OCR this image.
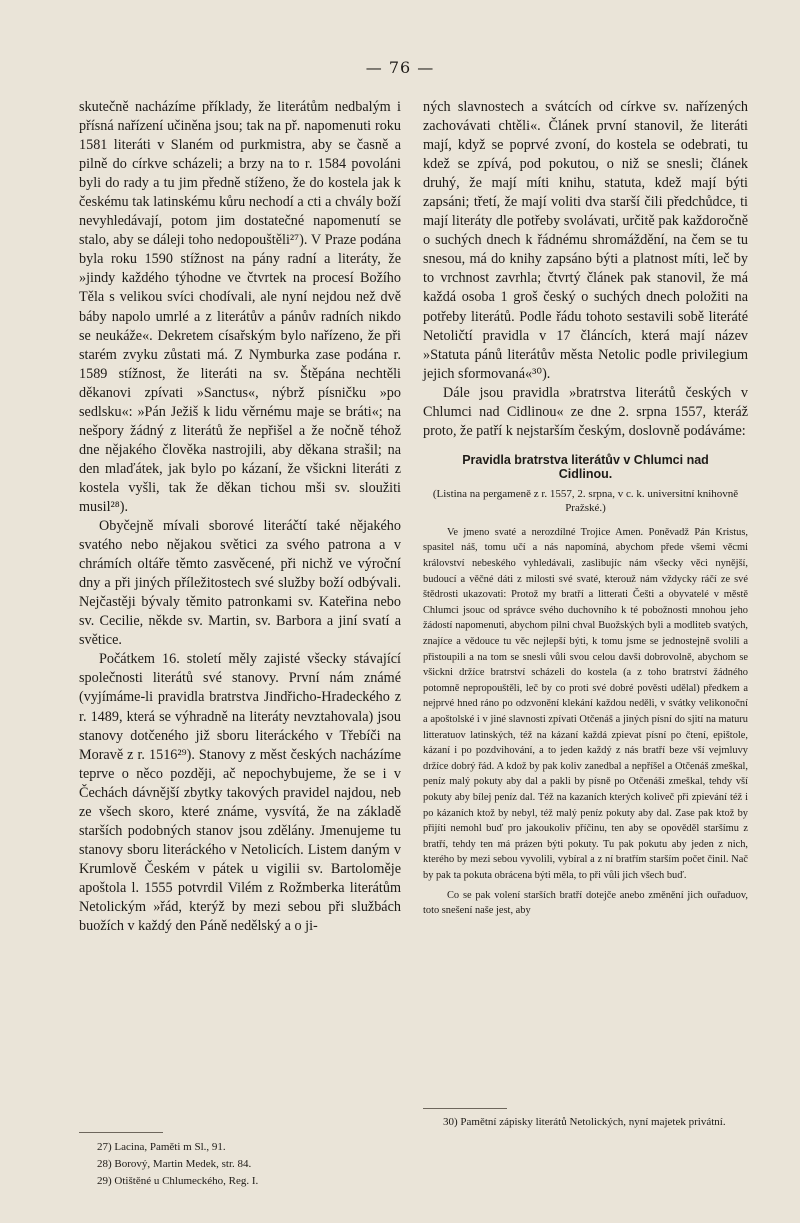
— 76 —

skutečně nacházíme příklady, že literátům nedbalým i přísná nařízení učiněna jsou; tak na př. napomenuti roku 1581 literáti v Slaném od purkmistra, aby se časně a pilně do církve scházeli; a brzy na to r. 1584 povoláni byli do rady a tu jim předně stíženo, že do kostela jak k českému tak latinskému kůru nechodí a cti a chvály boží nevyhledávají, potom jim dostatečné napomenutí se stalo, aby se dáleji toho nedopouštěli²⁷). V Praze podána byla roku 1590 stížnost na pány radní a literáty, že »jindy každého týhodne ve čtvrtek na procesí Božího Těla s velikou svíci chodívali, ale nyní nejdou než dvě báby napolo umrlé a z literátův a pánův radních nikdo se neukáže«. Dekretem císařským bylo nařízeno, že při starém zvyku zůstati má. Z Nymburka zase podána r. 1589 stížnost, že literáti na sv. Štěpána nechtěli děkanovi zpívati »Sanctus«, nýbrž písničku »po sedlsku«: »Pán Ježiš k lidu věrnému maje se bráti«; na nešpory žádný z literátů že nepřišel a že nočně téhož dne nějakého člověka nastrojili, aby děkana strašil; na den mlaďátek, jak bylo po kázaní, že všickni literáti z kostela vyšli, tak že děkan tichou mši sv. sloužiti musil²⁸).

Obyčejně mívali sborové literáčtí také nějakého svatého nebo nějakou světici za svého patrona a v chrámích oltáře těmto zasvěcené, při nichž ve výroční dny a při jiných příležitostech své služby boží odbývali. Nejčastěji bývaly těmito patronkami sv. Kateřina nebo sv. Cecilie, někde sv. Martin, sv. Barbora a jiní svatí a světice.

Počátkem 16. století měly zajisté všecky stávající společnosti literátů své stanovy. První nám známé (vyjímáme-li pravidla bratrstva Jindřicho-Hradeckého z r. 1489, která se výhradně na literáty nevztahovala) jsou stanovy dotčeného již sboru literáckého v Třebíči na Moravě z r. 1516²⁹). Stanovy z měst českých nacházíme teprve o něco později, ač nepochybujeme, že se i v Čechách dávnější zbytky takových pravidel najdou, neb ze všech skoro, které známe, vysvítá, že na základě starších podobných stanov jsou zdělány. Jmenujeme tu stanovy sboru literáckého v Netolicích. Listem daným v Krumlově Českém v pátek u vigilii sv. Bartoloměje apoštola l. 1555 potvrdil Vilém z Rožmberka literátům Netolickým »řád, kterýž by mezi sebou při službách buožích v každý den Páně nedělský a o ji-

27) Lacina, Paměti m Sl., 91.

28) Borový, Martin Medek, str. 84.

29) Otištěné u Chlumeckého, Reg. I.

ných slavnostech a svátcích od církve sv. nařízených zachovávati chtěli«. Článek první stanovil, že literáti mají, když se poprvé zvoní, do kostela se odebrati, tu kdež se zpívá, pod pokutou, o niž se snesli; článek druhý, že mají míti knihu, statuta, kdež mají býti zapsáni; třetí, že mají voliti dva starší čili předchůdce, ti mají literáty dle potřeby svolávati, určitě pak každoročně o suchých dnech k řádnému shromáždění, na čem se tu snesou, má do knihy zapsáno býti a platnost míti, leč by to vrchnost zavrhla; čtvrtý článek pak stanovil, že má každá osoba 1 groš český o suchých dnech položiti na potřeby literátů. Podle řádu tohoto sestavili sobě literáté Netoličtí pravidla v 17 článcích, která mají název »Statuta pánů literátův města Netolic podle privilegium jejich sformovaná«³⁰).

Dále jsou pravidla »bratrstva literátů českých v Chlumci nad Cidlinou« ze dne 2. srpna 1557, kteráž proto, že patří k nejstarším českým, doslovně podáváme:

Pravidla bratrstva literátův v Chlumci nad Cidlinou.
(Listina na pergameně z r. 1557, 2. srpna, v c. k. universitní knihovně Pražské.)

Ve jmeno svaté a nerozdílné Trojice Amen. Poněvadž Pán Kristus, spasitel náš, tomu učí a nás napomíná, abychom přede všemi věcmi království nebeského vyhledávali, zaslibujíc nám všecky věci nynější, budoucí a věčné dáti z milosti své svaté, kterouž nám vždycky ráčí ze své štědrosti ukazovati: Protož my bratří a litterati Češti a obyvatelé v městě Chlumci jsouc od správce svého duchovního k té pobožnosti mnohou jeho žádostí napomenuti, abychom pilni chval Buožských byli a modliteb svatých, znajíce a vědouce tu věc nejlepší býti, k tomu jsme se jednostejně svolili a přistoupili a na tom se snesli vůli svou celou davši dobrovolně, abychom se všickni držíce bratrství scházeli do kostela (a z toho bratrství žádného potomně nepropouštěli, leč by co proti své dobré pověsti udělal) předkem a nejprvé hned ráno po odzvonění klekání každou neděli, v svátky velikonoční a apoštolské i v jiné slavnosti zpívati Otčenáš a jiných písní do sjití na maturu litteratuov latinských, též na kázaní každá zpievat písní po čtení, epištole, kázaní i po pozdvihování, a to jeden každý z nás bratří beze vší vejmluvy držíce dobrý řád. A kdož by pak koliv zanedbal a nepříšel a Otčenáš zmeškal, peníz malý pokuty aby dal a pakli by písně po Otčenáši zmeškal, tehdy vší pokuty aby bílej peníz dal. Též na kazaních kterých koliveč při zpievání též i po kázaních ktož by nebyl, též malý peníz pokuty aby dal. Zase pak ktož by přijíti nemohl buď pro jakoukoliv příčinu, ten aby se opověděl staršímu z bratří, tehdy ten má prázen býti pokuty. Tu pak pokutu aby jeden z nich, kterého by mezi sebou vyvolili, vybíral a z ní bratřím starším počet činil. Nač by pak ta pokuta obrácena býti měla, to při vůli jich všech buď.

Co se pak volení starších bratří dotejče anebo změnění jich ouřaduov, toto snešení naše jest, aby

30) Pamětní zápisky literátů Netolických, nyní majetek privátní.
